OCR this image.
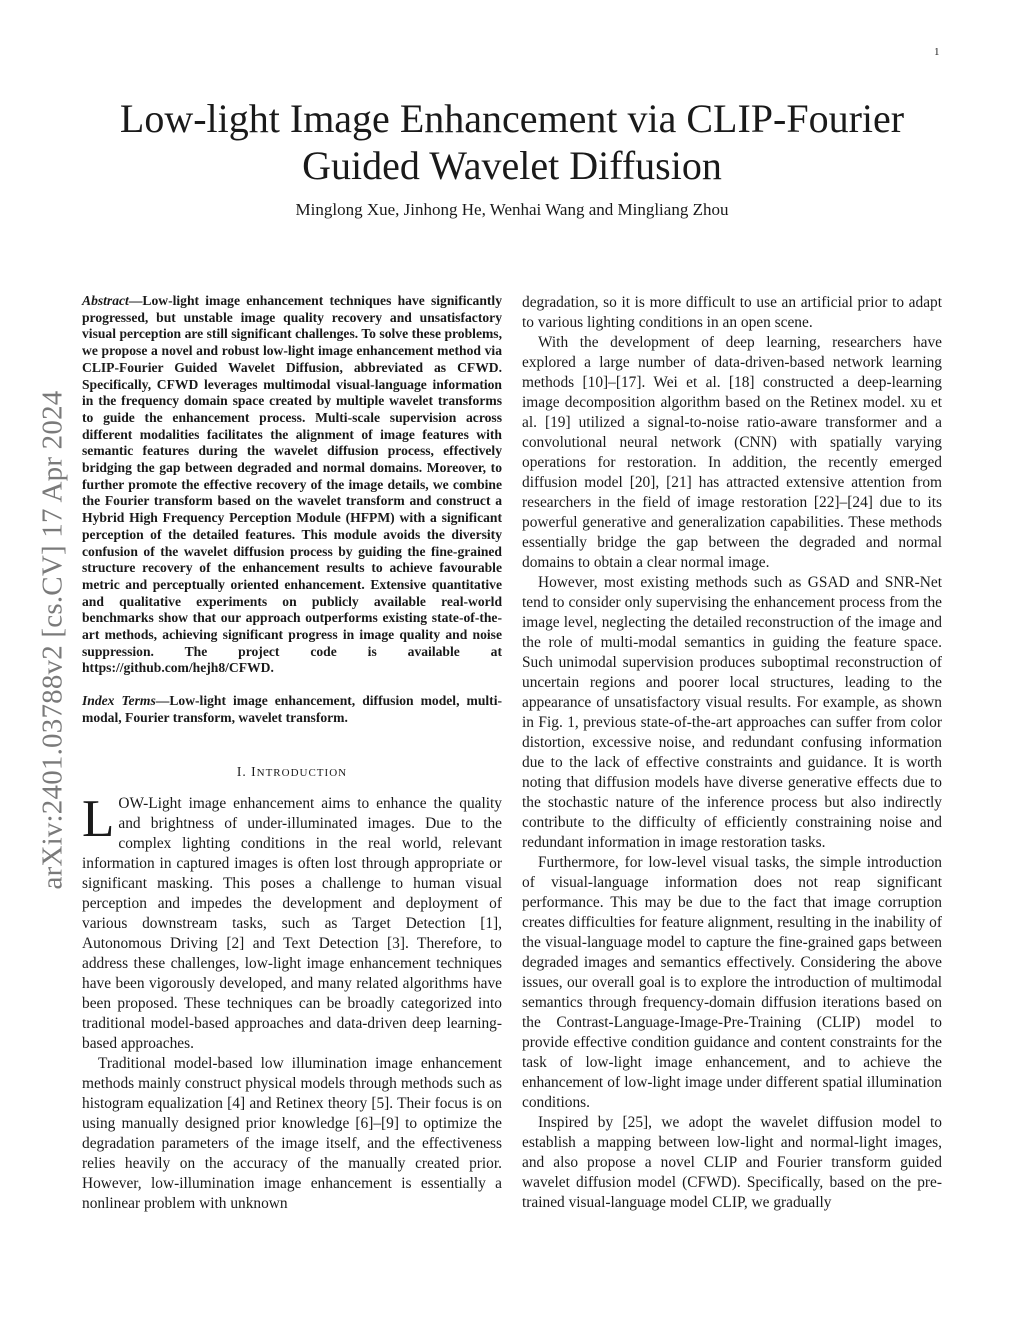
1
arXiv:2401.03788v2 [cs.CV] 17 Apr 2024
Low-light Image Enhancement via CLIP-Fourier Guided Wavelet Diffusion
Minglong Xue, Jinhong He, Wenhai Wang and Mingliang Zhou

Abstract—Low-light image enhancement techniques have significantly progressed, but unstable image quality recovery and unsatisfactory visual perception are still significant challenges. To solve these problems, we propose a novel and robust low-light image enhancement method via CLIP-Fourier Guided Wavelet Diffusion, abbreviated as CFWD. Specifically, CFWD leverages multimodal visual-language information in the frequency domain space created by multiple wavelet transforms to guide the enhancement process. Multi-scale supervision across different modalities facilitates the alignment of image features with semantic features during the wavelet diffusion process, effectively bridging the gap between degraded and normal domains. Moreover, to further promote the effective recovery of the image details, we combine the Fourier transform based on the wavelet transform and construct a Hybrid High Frequency Perception Module (HFPM) with a significant perception of the detailed features. This module avoids the diversity confusion of the wavelet diffusion process by guiding the fine-grained structure recovery of the enhancement results to achieve favourable metric and perceptually oriented enhancement. Extensive quantitative and qualitative experiments on publicly available real-world benchmarks show that our approach outperforms existing state-of-the-art methods, achieving significant progress in image quality and noise suppression. The project code is available at https://github.com/hejh8/CFWD.

Index Terms—Low-light image enhancement, diffusion model, multi-modal, Fourier transform, wavelet transform.

I. INTRODUCTION

LOW-Light image enhancement aims to enhance the quality and brightness of under-illuminated images. Due to the complex lighting conditions in the real world, relevant information in captured images is often lost through appropriate or significant masking. This poses a challenge to human visual perception and impedes the development and deployment of various downstream tasks, such as Target Detection [1], Autonomous Driving [2] and Text Detection [3]. Therefore, to address these challenges, low-light image enhancement techniques have been vigorously developed, and many related algorithms have been proposed. These techniques can be broadly categorized into traditional model-based approaches and data-driven deep learning-based approaches.

Traditional model-based low illumination image enhancement methods mainly construct physical models through methods such as histogram equalization [4] and Retinex theory [5]. Their focus is on using manually designed prior knowledge [6]–[9] to optimize the degradation parameters of the image itself, and the effectiveness relies heavily on the accuracy of the manually created prior. However, low-illumination image enhancement is essentially a nonlinear problem with unknown

degradation, so it is more difficult to use an artificial prior to adapt to various lighting conditions in an open scene.

With the development of deep learning, researchers have explored a large number of data-driven-based network learning methods [10]–[17]. Wei et al. [18] constructed a deep-learning image decomposition algorithm based on the Retinex model. xu et al. [19] utilized a signal-to-noise ratio-aware transformer and a convolutional neural network (CNN) with spatially varying operations for restoration. In addition, the recently emerged diffusion model [20], [21] has attracted extensive attention from researchers in the field of image restoration [22]–[24] due to its powerful generative and generalization capabilities. These methods essentially bridge the gap between the degraded and normal domains to obtain a clear normal image.

However, most existing methods such as GSAD and SNR-Net tend to consider only supervising the enhancement process from the image level, neglecting the detailed reconstruction of the image and the role of multi-modal semantics in guiding the feature space. Such unimodal supervision produces suboptimal reconstruction of uncertain regions and poorer local structures, leading to the appearance of unsatisfactory visual results. For example, as shown in Fig. 1, previous state-of-the-art approaches can suffer from color distortion, excessive noise, and redundant confusing information due to the lack of effective constraints and guidance. It is worth noting that diffusion models have diverse generative effects due to the stochastic nature of the inference process but also indirectly contribute to the difficulty of efficiently constraining noise and redundant information in image restoration tasks.

Furthermore, for low-level visual tasks, the simple introduction of visual-language information does not reap significant performance. This may be due to the fact that image corruption creates difficulties for feature alignment, resulting in the inability of the visual-language model to capture the fine-grained gaps between degraded images and semantics effectively. Considering the above issues, our overall goal is to explore the introduction of multimodal semantics through frequency-domain diffusion iterations based on the Contrast-Language-Image-Pre-Training (CLIP) model to provide effective condition guidance and content constraints for the task of low-light image enhancement, and to achieve the enhancement of low-light image under different spatial illumination conditions.

Inspired by [25], we adopt the wavelet diffusion model to establish a mapping between low-light and normal-light images, and also propose a novel CLIP and Fourier transform guided wavelet diffusion model (CFWD). Specifically, based on the pre-trained visual-language model CLIP, we gradually
